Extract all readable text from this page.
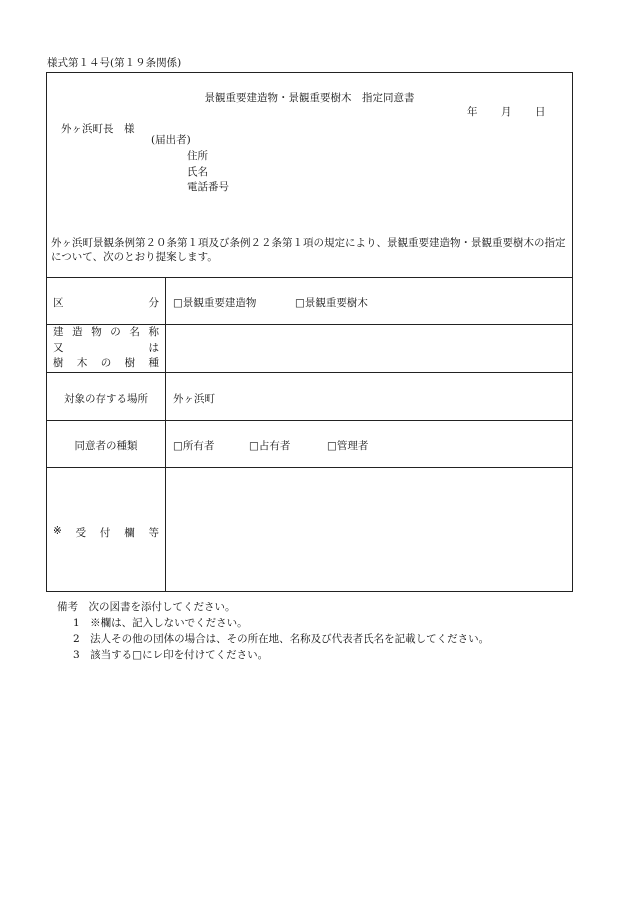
様式第１４号(第１９条関係)
景観重要建造物・景観重要樹木　指定同意書
年 月 日
外ヶ浜町長　様
(届出者)
住所
氏名
電話番号
外ヶ浜町景観条例第２０条第１項及び条例２２条第１項の規定により、景観重要建造物・景観重要樹木の指定について、次のとおり提案します。
区	分 □景観重要建造物	□景観重要樹木
建 造 物 の 名 称
又	は
樹 木 の 樹 種
対象の存する場所	外ヶ浜町
同意者の種類	□所有者	□占有者	□管理者
※ 受 付 欄 等
備考　次の図書を添付してください。
1　※欄は、記入しないでください。
2　法人その他の団体の場合は、その所在地、名称及び代表者氏名を記載してください。
3　該当する□にレ印を付けてください。
